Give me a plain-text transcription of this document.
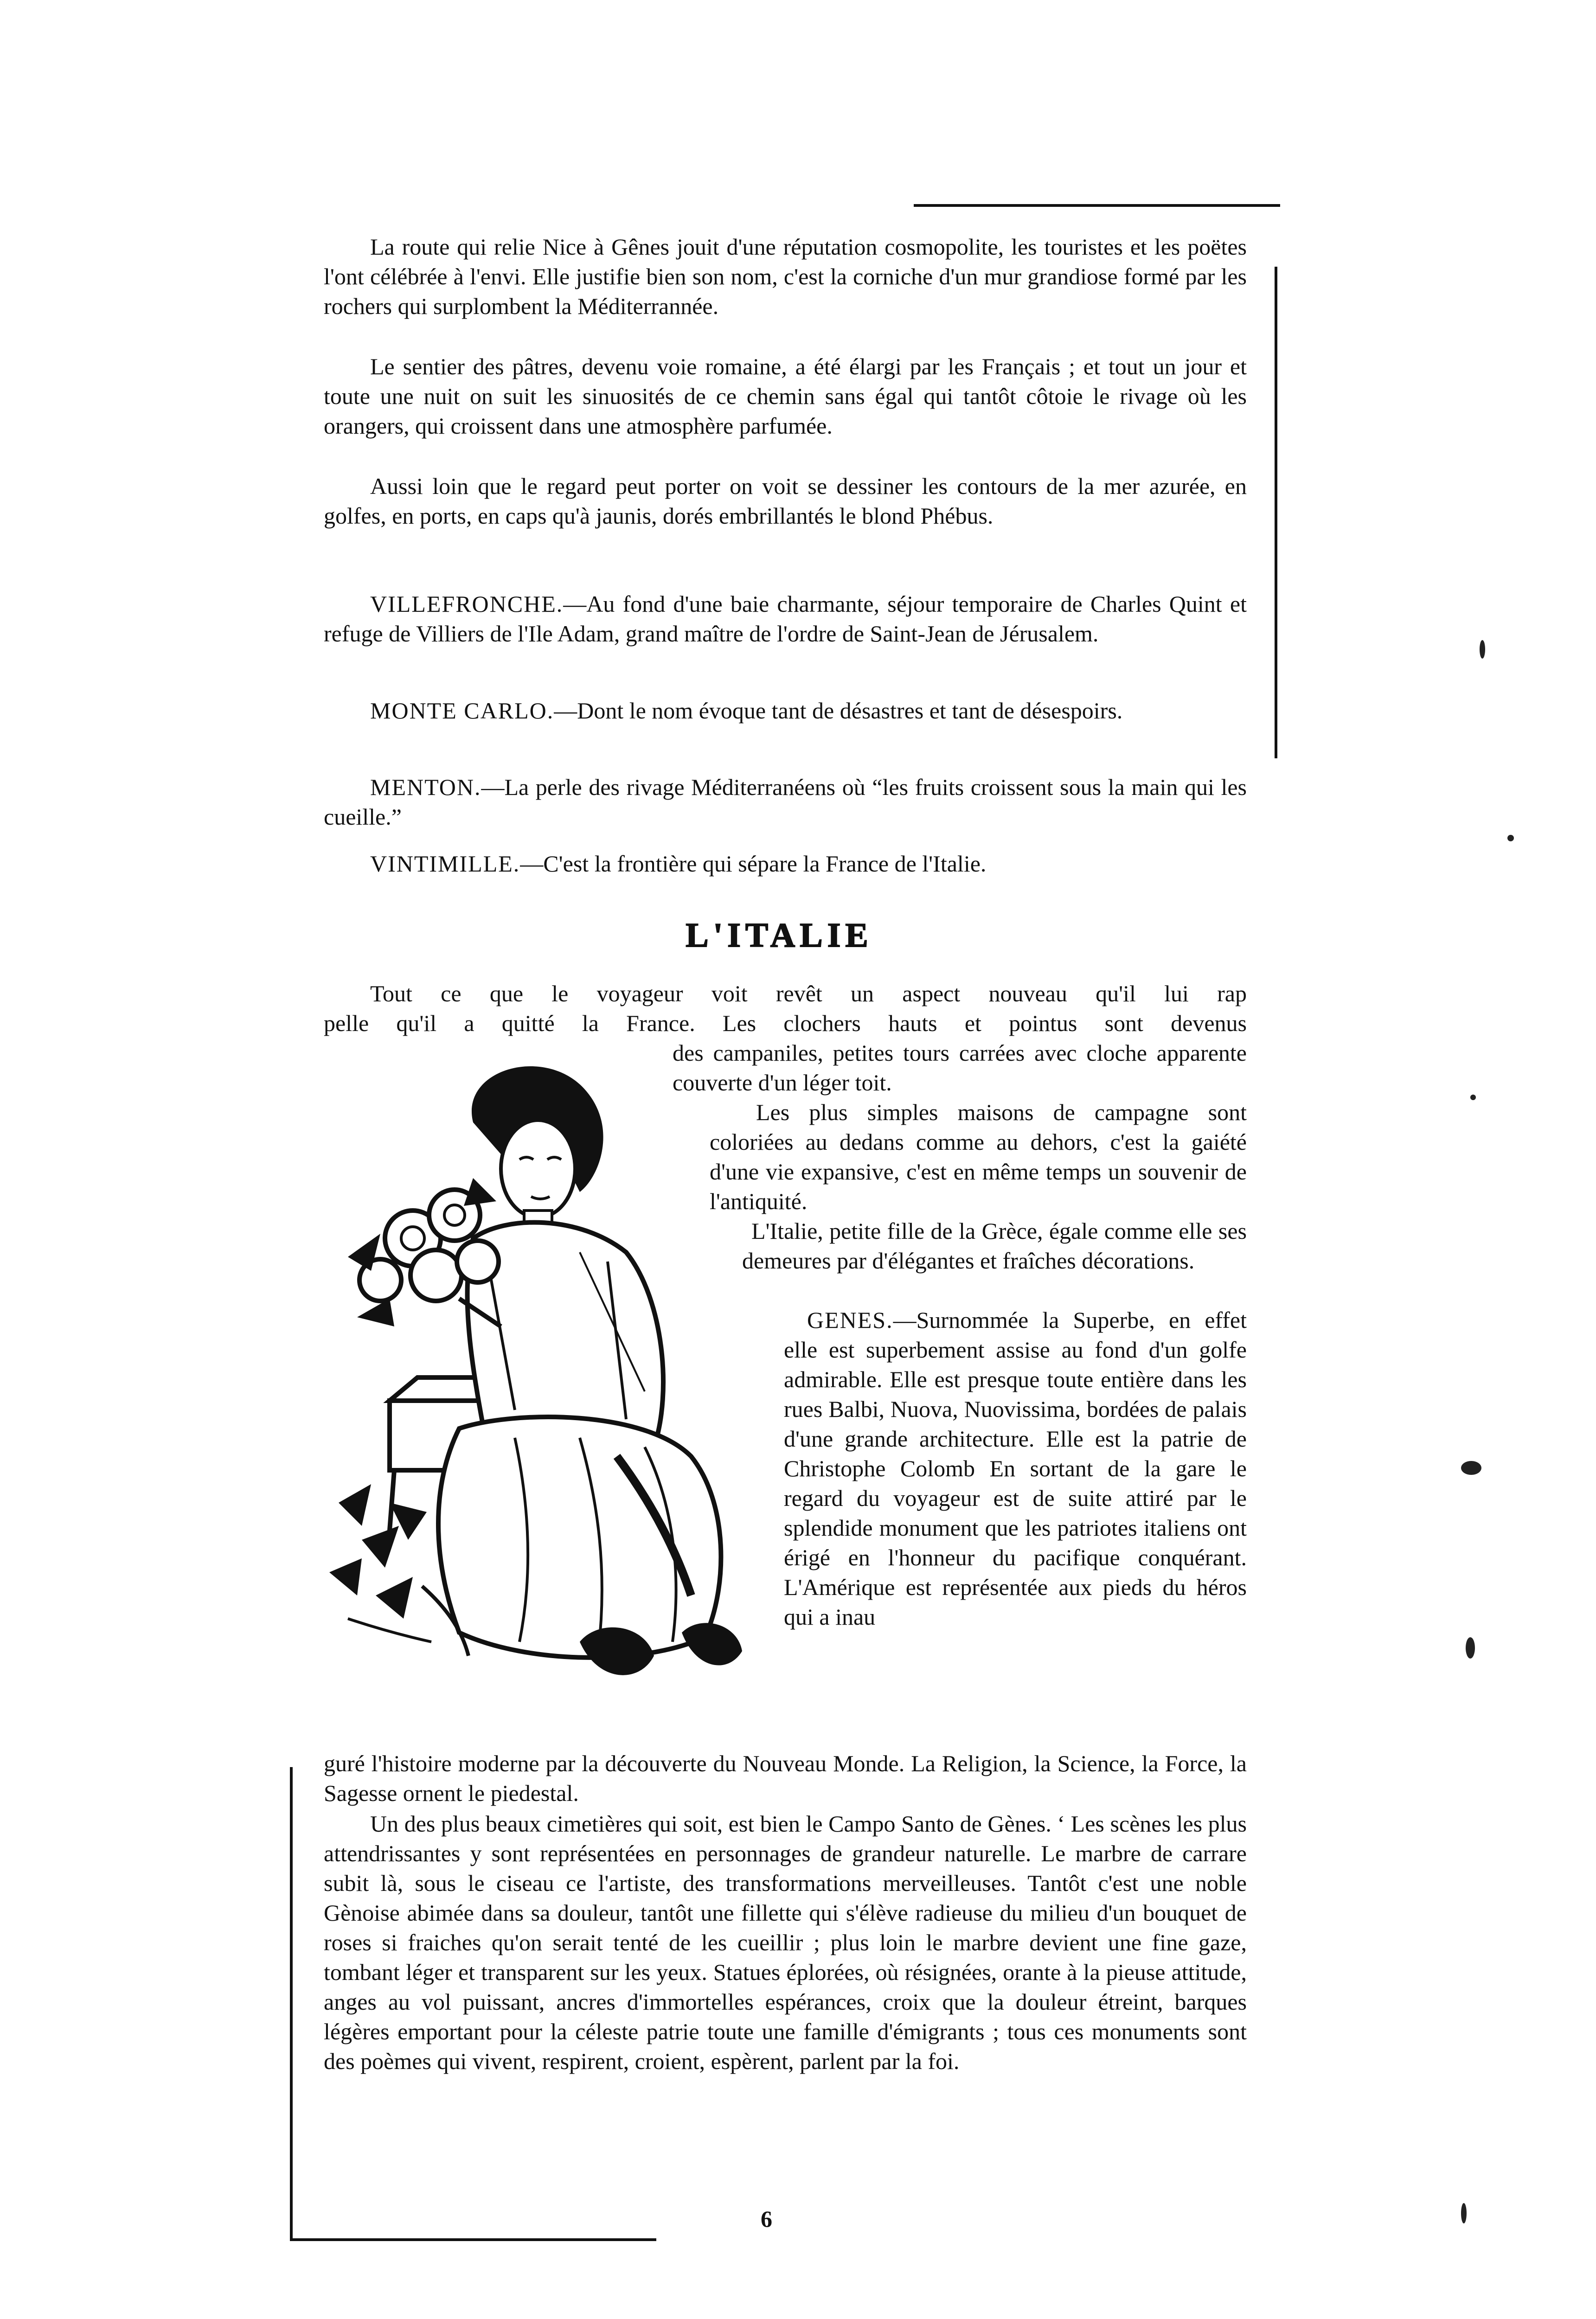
La route qui relie Nice à Gênes jouit d'une réputation cosmopolite, les touristes et les poëtes l'ont célébrée à l'envi. Elle justifie bien son nom, c'est la corniche d'un mur grandiose formé par les rochers qui surplombent la Méditerrannée.

Le sentier des pâtres, devenu voie romaine, a été élargi par les Français ; et tout un jour et toute une nuit on suit les sinuosités de ce chemin sans égal qui tantôt côtoie le rivage où les orangers, qui croissent dans une atmosphère parfumée.

Aussi loin que le regard peut porter on voit se dessiner les contours de la mer azurée, en golfes, en ports, en caps qu'à jaunis, dorés embrillantés le blond Phébus.

VILLEFRONCHE.—Au fond d'une baie charmante, séjour temporaire de Charles Quint et refuge de Villiers de l'Ile Adam, grand maître de l'ordre de Saint-Jean de Jérusalem.

MONTE CARLO.—Dont le nom évoque tant de désastres et tant de désespoirs.

MENTON.—La perle des rivage Méditerranéens où “les fruits croissent sous la main qui les cueille.”

VINTIMILLE.—C'est la frontière qui sépare la France de l'Italie.

L'ITALIE

Tout ce que le voyageur voit revêt un aspect nouveau qu'il lui rap

pelle qu'il a quitté la France. Les clochers hauts et pointus sont devenus

des campaniles, petites tours carrées avec cloche apparente couverte d'un léger toit.

Les plus simples maisons de campagne sont coloriées au dedans comme au dehors, c'est la gaiété d'une vie expansive, c'est en même temps un souvenir de l'antiquité.

L'Italie, petite fille de la Grèce, égale comme elle ses demeures par d'élégantes et fraîches décorations.

GENES.—Surnommée la Superbe, en effet elle est superbement assise au fond d'un golfe admirable. Elle est presque toute entière dans les rues Balbi, Nuova, Nuovissima, bordées de palais d'une grande architecture. Elle est la patrie de Christophe Colomb En sortant de la gare le regard du voyageur est de suite attiré par le splendide monument que les patriotes italiens ont érigé en l'honneur du pacifique conquérant. L'Amérique est représentée aux pieds du héros qui a inau

guré l'histoire moderne par la découverte du Nouveau Monde. La Religion, la Science, la Force, la Sagesse ornent le piedestal.

Un des plus beaux cimetières qui soit, est bien le Campo Santo de Gènes. ‘ Les scènes les plus attendrissantes y sont représentées en personnages de grandeur naturelle. Le marbre de carrare subit là, sous le ciseau ce l'artiste, des transformations merveilleuses. Tantôt c'est une noble Gènoise abimée dans sa douleur, tantôt une fillette qui s'élève radieuse du milieu d'un bouquet de roses si fraiches qu'on serait tenté de les cueillir ; plus loin le marbre devient une fine gaze, tombant léger et transparent sur les yeux. Statues éplorées, où résignées, orante à la pieuse attitude, anges au vol puissant, ancres d'immortelles espérances, croix que la douleur étreint, barques légères emportant pour la céleste patrie toute une famille d'émigrants ; tous ces monuments sont des poèmes qui vivent, respirent, croient, espèrent, parlent par la foi.

6
